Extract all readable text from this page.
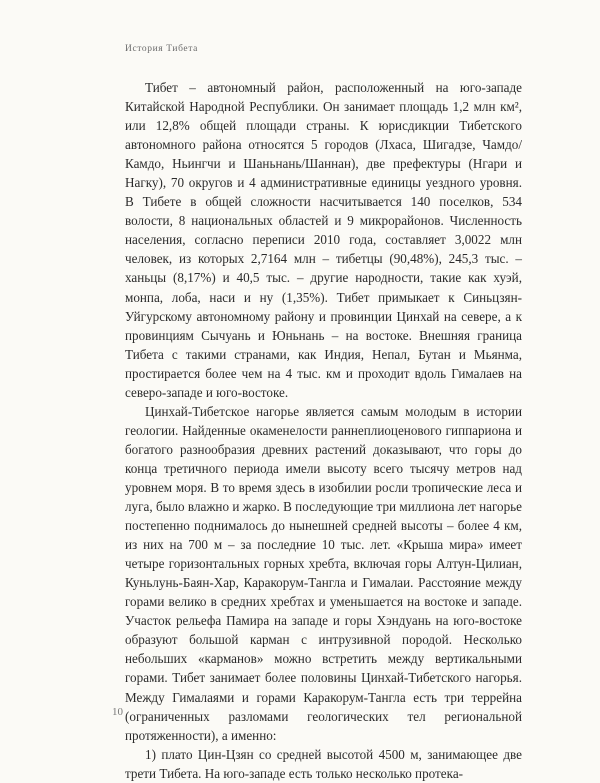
История Тибета

Тибет – автономный район, расположенный на юго-западе Китайской Народной Республики. Он занимает площадь 1,2 млн км², или 12,8% общей площади страны. К юрисдикции Тибетского автономного района относятся 5 городов (Лхаса, Шигадзе, Чамдо/Камдо, Ньингчи и Шаньнань/Шаннан), две префектуры (Нгари и Нагку), 70 округов и 4 административные единицы уездного уровня. В Тибете в общей сложности насчитывается 140 поселков, 534 волости, 8 национальных областей и 9 микрорайонов. Численность населения, согласно переписи 2010 года, составляет 3,0022 млн человек, из которых 2,7164 млн – тибетцы (90,48%), 245,3 тыс. – ханьцы (8,17%) и 40,5 тыс. – другие народности, такие как хуэй, монпа, лоба, наси и ну (1,35%). Тибет примыкает к Синьцзян-Уйгурскому автономному району и провинции Цинхай на севере, а к провинциям Сычуань и Юньнань – на востоке. Внешняя граница Тибета с такими странами, как Индия, Непал, Бутан и Мьянма, простирается более чем на 4 тыс. км и проходит вдоль Гималаев на северо-западе и юго-востоке.

Цинхай-Тибетское нагорье является самым молодым в истории геологии. Найденные окаменелости раннеплиоценового гиппариона и богатого разнообразия древних растений доказывают, что горы до конца третичного периода имели высоту всего тысячу метров над уровнем моря. В то время здесь в изобилии росли тропические леса и луга, было влажно и жарко. В последующие три миллиона лет нагорье постепенно поднималось до нынешней средней высоты – более 4 км, из них на 700 м – за последние 10 тыс. лет. «Крыша мира» имеет четыре горизонтальных горных хребта, включая горы Алтун-Цилиан, Куньлунь-Баян-Хар, Каракорум-Тангла и Гималаи. Расстояние между горами велико в средних хребтах и уменьшается на востоке и западе. Участок рельефа Памира на западе и горы Хэндуань на юго-востоке образуют большой карман с интрузивной породой. Несколько небольших «карманов» можно встретить между вертикальными горами. Тибет занимает более половины Цинхай-Тибетского нагорья. Между Гималаями и горами Каракорум-Тангла есть три террейна (ограниченных разломами геологических тел региональной протяженности), а именно:

1) плато Цин-Цзян со средней высотой 4500 м, занимающее две трети Тибета. На юго-западе есть только несколько протека-

10
